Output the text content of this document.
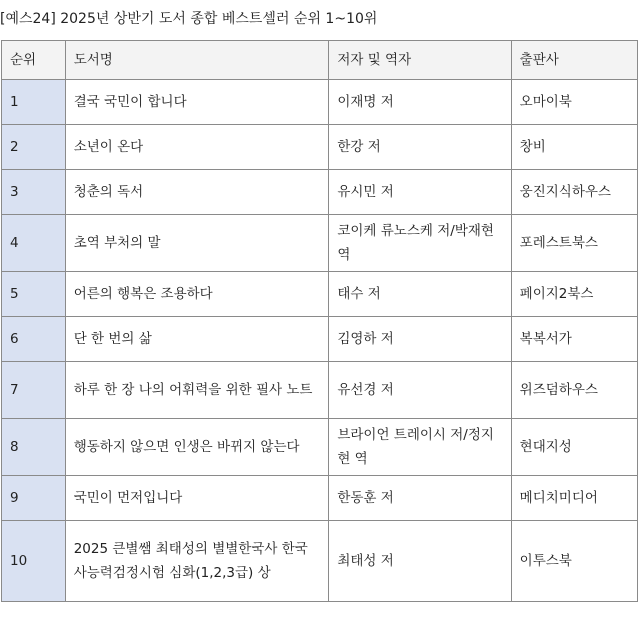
[예스24] 2025년 상반기 도서 종합 베스트셀러 순위 1~10위
순위	도서명	저자 및 역자	출판사
1	결국 국민이 합니다	이재명 저	오마이북
2	소년이 온다	한강 저	창비
3	청춘의 독서	유시민 저	웅진지식하우스
4	초역 부처의 말	코이케 류노스케 저/박재현 역	포레스트북스
5	어른의 행복은 조용하다	태수 저	페이지2북스
6	단 한 번의 삶	김영하 저	복복서가
7	하루 한 장 나의 어휘력을 위한 필사 노트	유선경 저	위즈덤하우스
8	행동하지 않으면 인생은 바뀌지 않는다	브라이언 트레이시 저/정지현 역	현대지성
9	국민이 먼저입니다	한동훈 저	메디치미디어
10	2025 큰별쌤 최태성의 별별한국사 한국사능력검정시험 심화(1,2,3급) 상	최태성 저	이투스북
